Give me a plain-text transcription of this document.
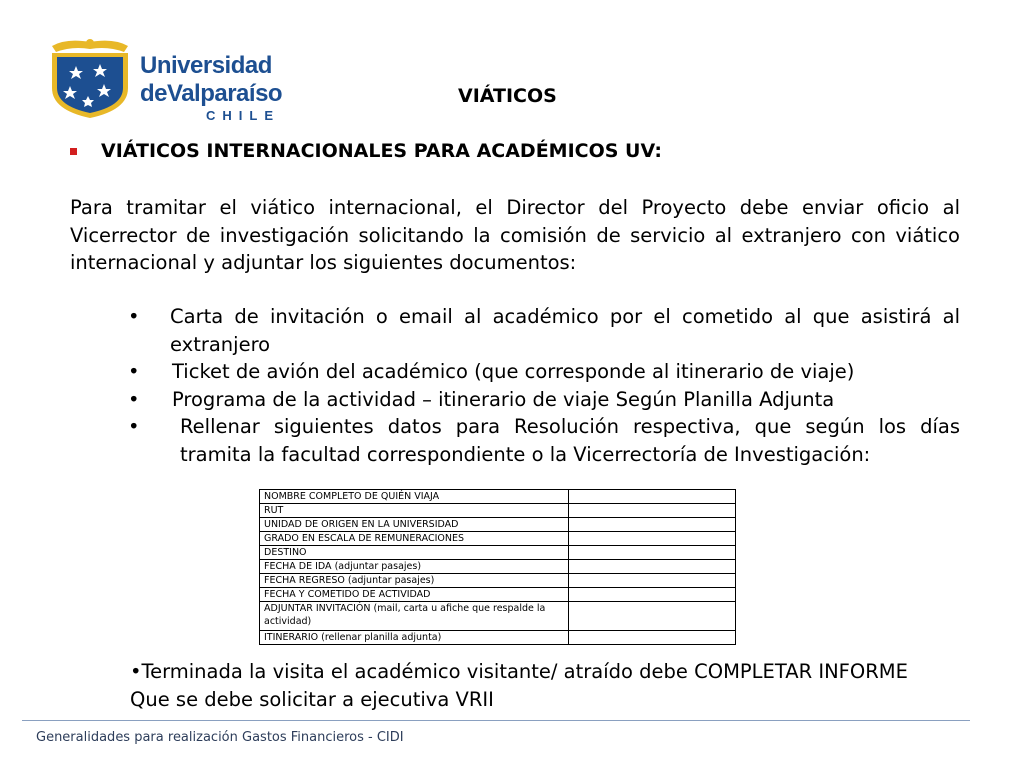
Universidad
deValparaíso
CHILE
VIÁTICOS
VIÁTICOS INTERNACIONALES PARA ACADÉMICOS UV:
Para tramitar el viático internacional, el Director del Proyecto debe enviar oficio al Vicerrector de investigación solicitando la comisión de servicio al extranjero con viático internacional y adjuntar los siguientes documentos:
•	Carta de invitación o email al académico por el cometido al que asistirá al extranjero
•	Ticket de avión del académico (que corresponde al itinerario de viaje)
•	Programa de la actividad – itinerario de viaje Según Planilla Adjunta
•	Rellenar siguientes datos para Resolución respectiva, que según los días tramita la facultad correspondiente o la Vicerrectoría de Investigación:
NOMBRE COMPLETO DE QUIÉN VIAJA	
RUT	
UNIDAD DE ORIGEN EN LA UNIVERSIDAD	
GRADO EN ESCALA DE REMUNERACIONES	
DESTINO	
FECHA DE IDA (adjuntar pasajes)	
FECHA REGRESO (adjuntar pasajes)	
FECHA Y COMETIDO DE ACTIVIDAD	
ADJUNTAR INVITACIÓN (mail, carta u afiche que respalde la actividad)	
ITINERARIO (rellenar planilla adjunta)	
•Terminada la visita el académico visitante/ atraído debe COMPLETAR INFORME
Que se debe solicitar a ejecutiva VRII
Generalidades para realización Gastos Financieros - CIDI
